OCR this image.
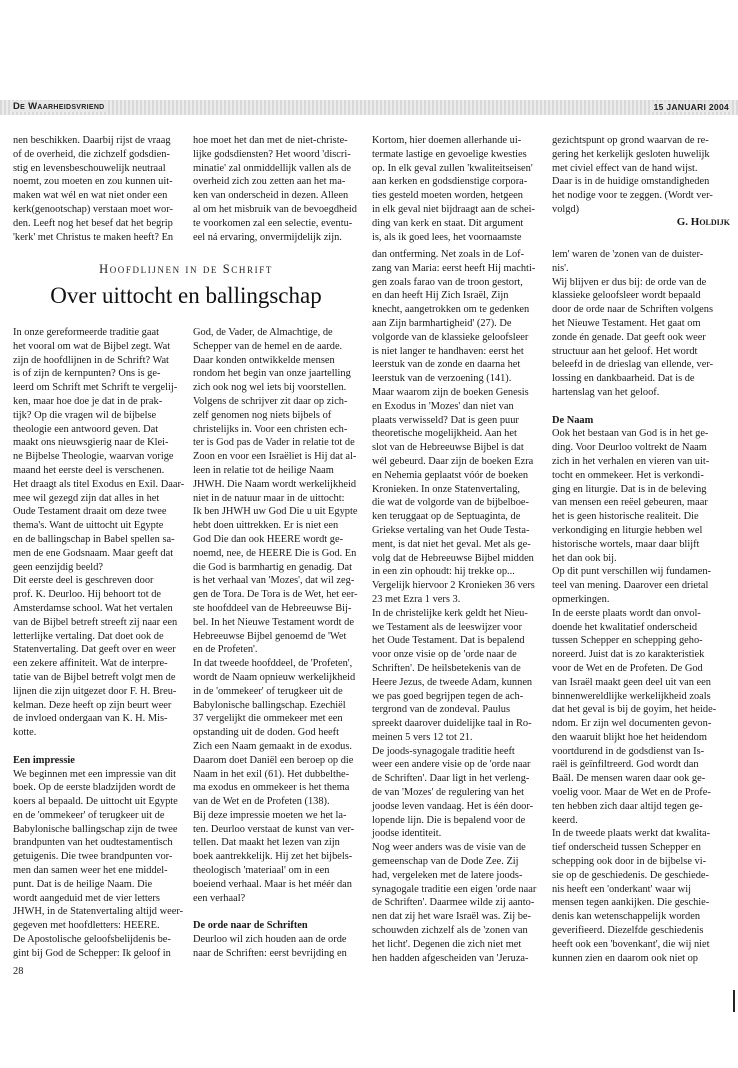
De Waarheidsvriend	15 JANUARI 2004
nen beschikken. Daarbij rijst de vraag
of de overheid, die zichzelf godsdien-
stig en levensbeschouwelijk neutraal
noemt, zou moeten en zou kunnen uit-
maken wat wél en wat niet onder een
kerk(genootschap) verstaan moet wor-
den. Leeft nog het besef dat het begrip
'kerk' met Christus te maken heeft? En
hoe moet het dan met de niet-christe-
lijke godsdiensten? Het woord 'discri-
minatie' zal onmiddellijk vallen als de
overheid zich zou zetten aan het ma-
ken van onderscheid in dezen. Alleen
al om het misbruik van de bevoegdheid
te voorkomen zal een selectie, eventu-
eel ná ervaring, onvermijdelijk zijn.
Kortom, hier doemen allerhande ui-
termate lastige en gevoelige kwesties
op. In elk geval zullen 'kwaliteitseisen'
aan kerken en godsdienstige corpora-
ties gesteld moeten worden, hetgeen
in elk geval niet bijdraagt aan de schei-
ding van kerk en staat. Dit argument
is, als ik goed lees, het voornaamste
gezichtspunt op grond waarvan de re-
gering het kerkelijk gesloten huwelijk
met civiel effect van de hand wijst.
Daar is in de huidige omstandigheden
het nodige voor te zeggen. (Wordt ver-
volgd)
G. Holdijk
Hoofdlijnen in de Schrift
Over uittocht en ballingschap
In onze gereformeerde traditie gaat
het vooral om wat de Bijbel zegt. Wat
zijn de hoofdlijnen in de Schrift? Wat
is of zijn de kernpunten? Ons is ge-
leerd om Schrift met Schrift te vergelij-
ken, maar hoe doe je dat in de prak-
tijk? Op die vragen wil de bijbelse
theologie een antwoord geven. Dat
maakt ons nieuwsgierig naar de Klei-
ne Bijbelse Theologie, waarvan vorige
maand het eerste deel is verschenen.
Het draagt als titel Exodus en Exil. Daar-
mee wil gezegd zijn dat alles in het
Oude Testament draait om deze twee
thema's. Want de uittocht uit Egypte
en de ballingschap in Babel spellen sa-
men de ene Godsnaam. Maar geeft dat
geen eenzijdig beeld?
Dit eerste deel is geschreven door
prof. K. Deurloo. Hij behoort tot de
Amsterdamse school. Wat het vertalen
van de Bijbel betreft streeft zij naar een
letterlijke vertaling. Dat doet ook de
Statenvertaling. Dat geeft over en weer
een zekere affiniteit. Wat de interpre-
tatie van de Bijbel betreft volgt men de
lijnen die zijn uitgezet door F. H. Breu-
kelman. Deze heeft op zijn beurt weer
de invloed ondergaan van K. H. Mis-
kotte.
Een impressie
We beginnen met een impressie van dit
boek. Op de eerste bladzijden wordt de
koers al bepaald. De uittocht uit Egypte
en de 'ommekeer' of terugkeer uit de
Babylonische ballingschap zijn de twee
brandpunten van het oudtestamentisch
getuigenis. Die twee brandpunten vor-
men dan samen weer het ene middel-
punt. Dat is de heilige Naam. Die
wordt aangeduid met de vier letters
JHWH, in de Statenvertaling altijd weer-
gegeven met hoofdletters: HEERE.
De Apostolische geloofsbelijdenis be-
gint bij God de Schepper: Ik geloof in
God, de Vader, de Almachtige, de
Schepper van de hemel en de aarde.
Daar konden ontwikkelde mensen
rondom het begin van onze jaartelling
zich ook nog wel iets bij voorstellen.
Volgens de schrijver zit daar op zich-
zelf genomen nog niets bijbels of
christelijks in. Voor een christen ech-
ter is God pas de Vader in relatie tot de
Zoon en voor een Israëliet is Hij dat al-
leen in relatie tot de heilige Naam
JHWH. Die Naam wordt werkelijkheid
niet in de natuur maar in de uittocht:
Ik ben JHWH uw God Die u uit Egypte
hebt doen uittrekken. Er is niet een
God Die dan ook HEERE wordt ge-
noemd, nee, de HEERE Die is God. En
die God is barmhartig en genadig. Dat
is het verhaal van 'Mozes', dat wil zeg-
gen de Tora. De Tora is de Wet, het eer-
ste hoofddeel van de Hebreeuwse Bij-
bel. In het Nieuwe Testament wordt de
Hebreeuwse Bijbel genoemd de 'Wet
en de Profeten'.
In dat tweede hoofddeel, de 'Profeten',
wordt de Naam opnieuw werkelijkheid
in de 'ommekeer' of terugkeer uit de
Babylonische ballingschap. Ezechiël
37 vergelijkt die ommekeer met een
opstanding uit de doden. God heeft
Zich een Naam gemaakt in de exodus.
Daarom doet Daniël een beroep op die
Naam in het exil (61). Het dubbelthe-
ma exodus en ommekeer is het thema
van de Wet en de Profeten (138).
Bij deze impressie moeten we het la-
ten. Deurloo verstaat de kunst van ver-
tellen. Dat maakt het lezen van zijn
boek aantrekkelijk. Hij zet het bijbels-
theologisch 'materiaal' om in een
boeiend verhaal. Maar is het méér dan
een verhaal?
De orde naar de Schriften
Deurloo wil zich houden aan de orde
naar de Schriften: eerst bevrijding en
dan ontferming. Net zoals in de Lof-
zang van Maria: eerst heeft Hij machti-
gen zoals farao van de troon gestort,
en dan heeft Hij Zich Israël, Zijn
knecht, aangetrokken om te gedenken
aan Zijn barmhartigheid' (27). De
volgorde van de klassieke geloofsleer
is niet langer te handhaven: eerst het
leerstuk van de zonde en daarna het
leerstuk van de verzoening (141).
Maar waarom zijn de boeken Genesis
en Exodus in 'Mozes' dan niet van
plaats verwisseld? Dat is geen puur
theoretische mogelijkheid. Aan het
slot van de Hebreeuwse Bijbel is dat
wél gebeurd. Daar zijn de boeken Ezra
en Nehemia geplaatst vóór de boeken
Kronieken. In onze Statenvertaling,
die wat de volgorde van de bijbelboe-
ken teruggaat op de Septuaginta, de
Griekse vertaling van het Oude Testa-
ment, is dat niet het geval. Met als ge-
volg dat de Hebreeuwse Bijbel midden
in een zin ophoudt: hij trekke op...
Vergelijk hiervoor 2 Kronieken 36 vers
23 met Ezra 1 vers 3.
In de christelijke kerk geldt het Nieu-
we Testament als de leeswijzer voor
het Oude Testament. Dat is bepalend
voor onze visie op de 'orde naar de
Schriften'. De heilsbetekenis van de
Heere Jezus, de tweede Adam, kunnen
we pas goed begrijpen tegen de ach-
tergrond van de zondeval. Paulus
spreekt daarover duidelijke taal in Ro-
meinen 5 vers 12 tot 21.
De joods-synagogale traditie heeft
weer een andere visie op de 'orde naar
de Schriften'. Daar ligt in het verleng-
de van 'Mozes' de regulering van het
joodse leven vandaag. Het is één door-
lopende lijn. Die is bepalend voor de
joodse identiteit.
Nog weer anders was de visie van de
gemeenschap van de Dode Zee. Zij
had, vergeleken met de latere joods-
synagogale traditie een eigen 'orde naar
de Schriften'. Daarmee wilde zij aanto-
nen dat zij het ware Israël was. Zij be-
schouwden zichzelf als de 'zonen van
het licht'. Degenen die zich niet met
hen hadden afgescheiden van 'Jeruza-
lem' waren de 'zonen van de duister-
nis'.
Wij blijven er dus bij: de orde van de
klassieke geloofsleer wordt bepaald
door de orde naar de Schriften volgens
het Nieuwe Testament. Het gaat om
zonde én genade. Dat geeft ook weer
structuur aan het geloof. Het wordt
beleefd in de drieslag van ellende, ver-
lossing en dankbaarheid. Dat is de
hartenslag van het geloof.
De Naam
Ook het bestaan van God is in het ge-
ding. Voor Deurloo voltrekt de Naam
zich in het verhalen en vieren van uit-
tocht en ommekeer. Het is verkondi-
ging en liturgie. Dat is in de beleving
van mensen een reëel gebeuren, maar
het is geen historische realiteit. Die
verkondiging en liturgie hebben wel
historische wortels, maar daar blijft
het dan ook bij.
Op dit punt verschillen wij fundamen-
teel van mening. Daarover een drietal
opmerkingen.
In de eerste plaats wordt dan onvol-
doende het kwalitatief onderscheid
tussen Schepper en schepping geho-
noreerd. Juist dat is zo karakteristiek
voor de Wet en de Profeten. De God
van Israël maakt geen deel uit van een
binnenwereldlijke werkelijkheid zoals
dat het geval is bij de goyim, het heide-
ndom. Er zijn wel documenten gevon-
den waaruit blijkt hoe het heidendom
voortdurend in de godsdienst van Is-
raël is geïnfiltreerd. God wordt dan
Baäl. De mensen waren daar ook ge-
voelig voor. Maar de Wet en de Profe-
ten hebben zich daar altijd tegen ge-
keerd.
In de tweede plaats werkt dat kwalita-
tief onderscheid tussen Schepper en
schepping ook door in de bijbelse vi-
sie op de geschiedenis. De geschiede-
nis heeft een 'onderkant' waar wij
mensen tegen aankijken. Die geschie-
denis kan wetenschappelijk worden
geverifieerd. Diezelfde geschiedenis
heeft ook een 'bovenkant', die wij niet
kunnen zien en daarom ook niet op
28
